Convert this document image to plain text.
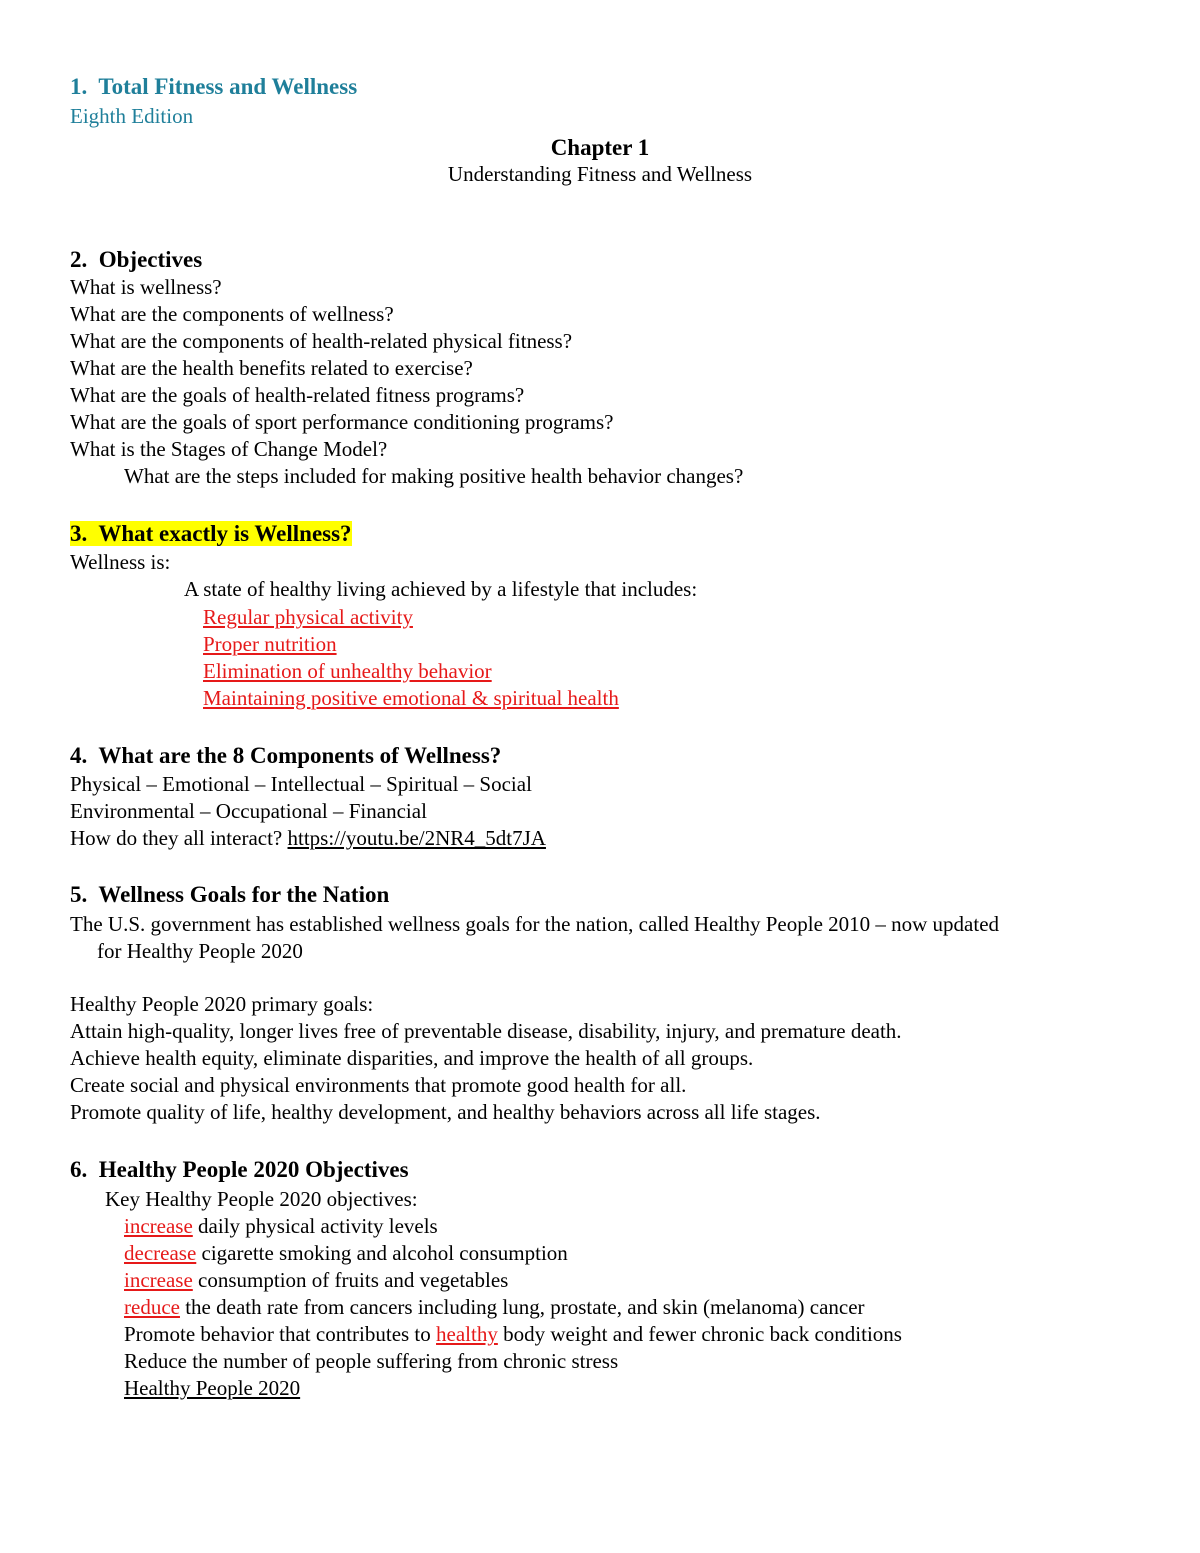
1. Total Fitness and Wellness
Eighth Edition
Chapter 1
Understanding Fitness and Wellness
2. Objectives
What is wellness?
What are the components of wellness?
What are the components of health-related physical fitness?
What are the health benefits related to exercise?
What are the goals of health-related fitness programs?
What are the goals of sport performance conditioning programs?
What is the Stages of Change Model?
What are the steps included for making positive health behavior changes?
3. What exactly is Wellness?
Wellness is:
A state of healthy living achieved by a lifestyle that includes:
Regular physical activity
Proper nutrition
Elimination of unhealthy behavior
Maintaining positive emotional & spiritual health
4. What are the 8 Components of Wellness?
Physical – Emotional – Intellectual – Spiritual – Social
Environmental – Occupational – Financial
How do they all interact? https://youtu.be/2NR4_5dt7JA
5. Wellness Goals for the Nation
The U.S. government has established wellness goals for the nation, called Healthy People 2010 – now updated
for Healthy People 2020
Healthy People 2020 primary goals:
Attain high-quality, longer lives free of preventable disease, disability, injury, and premature death.
Achieve health equity, eliminate disparities, and improve the health of all groups.
Create social and physical environments that promote good health for all.
Promote quality of life, healthy development, and healthy behaviors across all life stages.
6. Healthy People 2020 Objectives
Key Healthy People 2020 objectives:
increase daily physical activity levels
decrease cigarette smoking and alcohol consumption
increase consumption of fruits and vegetables
reduce the death rate from cancers including lung, prostate, and skin (melanoma) cancer
Promote behavior that contributes to healthy body weight and fewer chronic back conditions
Reduce the number of people suffering from chronic stress
Healthy People 2020
